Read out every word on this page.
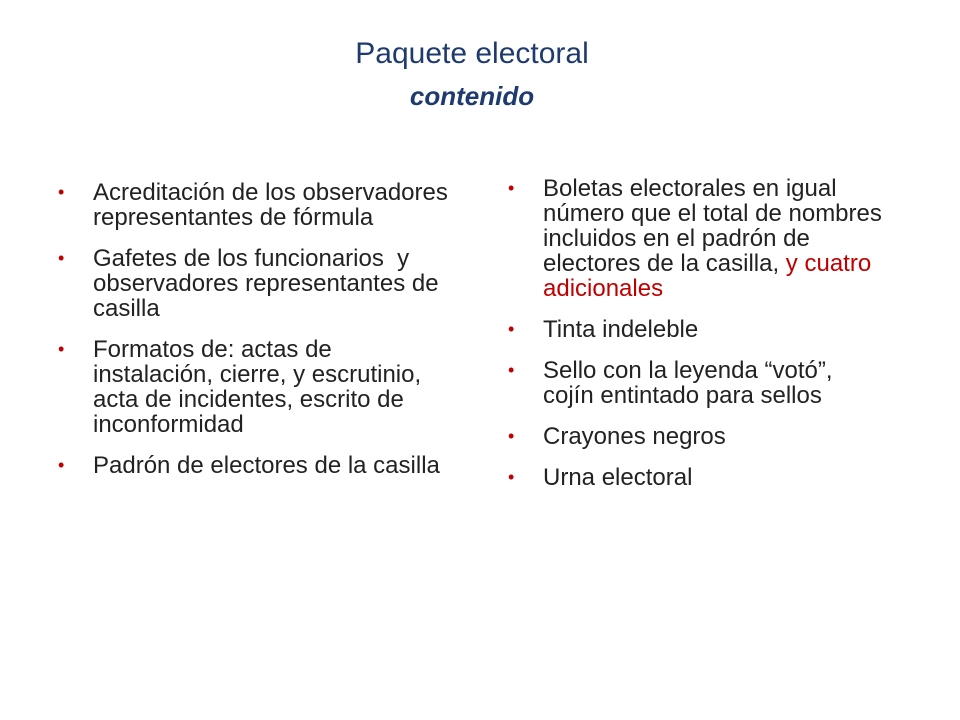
Paquete electoral
contenido
• Acreditación de los observadores representantes de fórmula
• Gafetes de los funcionarios  y observadores representantes de casilla
• Formatos de: actas de instalación, cierre, y escrutinio, acta de incidentes, escrito de inconformidad
• Padrón de electores de la casilla
• Boletas electorales en igual número que el total de nombres incluidos en el padrón de electores de la casilla, y cuatro adicionales
• Tinta indeleble
• Sello con la leyenda “votó”, cojín entintado para sellos
• Crayones negros
• Urna electoral
